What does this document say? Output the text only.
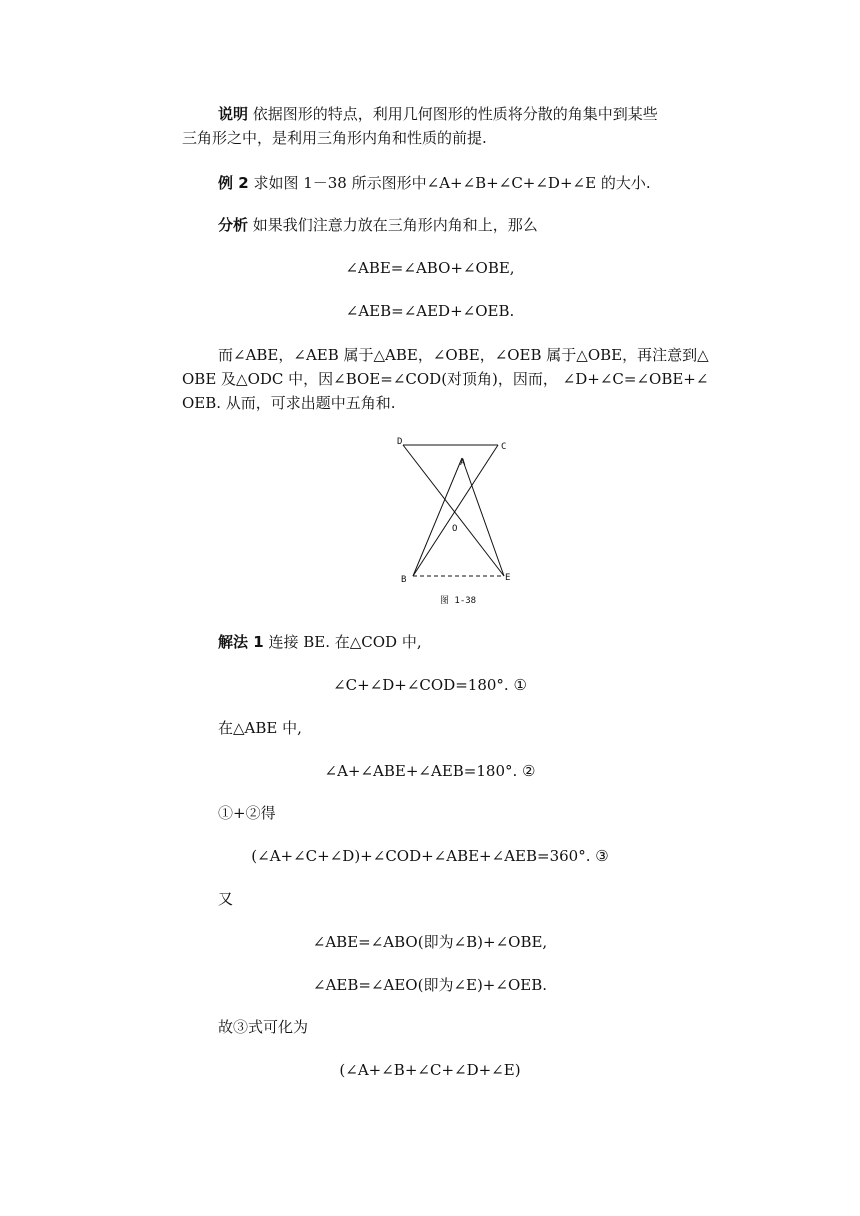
说明 依据图形的特点，利用几何图形的性质将分散的角集中到某些
三角形之中，是利用三角形内角和性质的前提.
例 2 求如图 1－38 所示图形中∠A+∠B+∠C+∠D+∠E 的大小.
分析 如果我们注意力放在三角形内角和上，那么
∠ABE=∠ABO+∠OBE,
∠AEB=∠AED+∠OEB.
而∠ABE，∠AEB 属于△ABE，∠OBE，∠OEB 属于△OBE，再注意到△
OBE 及△ODC 中，因∠BOE=∠COD(对顶角)，因而， ∠D+∠C=∠OBE+∠
OEB. 从而，可求出题中五角和.
D	C
A
O
B	E
图 1-38
解法 1 连接 BE. 在△COD 中,
∠C+∠D+∠COD=180°. ①
在△ABE 中,
∠A+∠ABE+∠AEB=180°. ②
①+②得
(∠A+∠C+∠D)+∠COD+∠ABE+∠AEB=360°. ③
又
∠ABE=∠ABO(即为∠B)+∠OBE,
∠AEB=∠AEO(即为∠E)+∠OEB.
故③式可化为
(∠A+∠B+∠C+∠D+∠E)
